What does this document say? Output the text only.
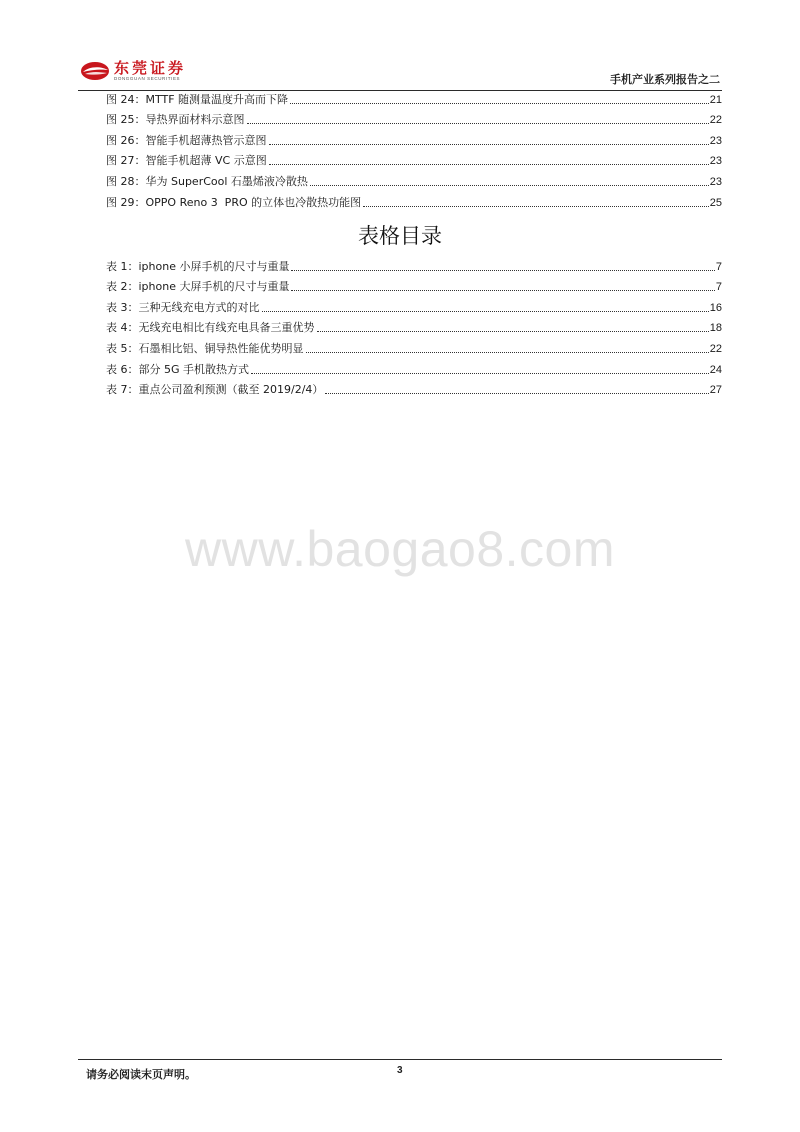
东莞证券
DONGGUAN SECURITIES	手机产业系列报告之二
图 24：MTTF 随测量温度升高而下降	21
图 25：导热界面材料示意图	22
图 26：智能手机超薄热管示意图	23
图 27：智能手机超薄 VC 示意图	23
图 28：华为 SuperCool 石墨烯液冷散热	23
图 29：OPPO Reno 3  PRO 的立体也冷散热功能图	25
表格目录
表 1：iphone 小屏手机的尺寸与重量	7
表 2：iphone 大屏手机的尺寸与重量	7
表 3：三种无线充电方式的对比	16
表 4：无线充电相比有线充电具备三重优势	18
表 5：石墨相比铝、铜导热性能优势明显	22
表 6：部分 5G 手机散热方式	24
表 7：重点公司盈利预测（截至 2019/2/4）	27
www.baogao8.com
请务必阅读末页声明。	3
